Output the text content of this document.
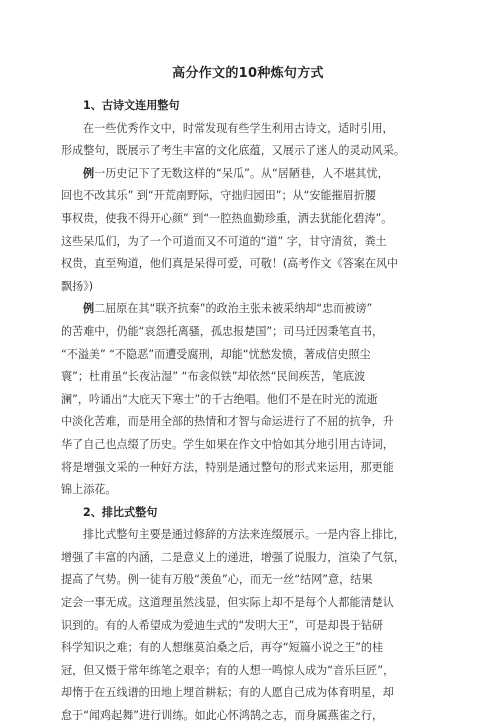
高分作文的10种炼句方式
1、古诗文连用整句
在一些优秀作文中，时常发现有些学生利用古诗文，适时引用，
形成整句，既展示了考生丰富的文化底蕴，又展示了迷人的灵动风采。
例一历史记下了无数这样的“呆瓜”。从“居陋巷，人不堪其忧，
回也不改其乐” 到“开荒南野际，守拙归园田”；从“安能摧眉折腰
事权贵，使我不得开心颜” 到“一腔热血勤珍重，洒去犹能化碧涛”。
这些呆瓜们，为了一个可道而又不可道的“道” 字，甘守清贫，粪土
权贵，直至殉道，他们真是呆得可爱，可敬！(高考作文《答案在风中
飘扬》)
例二屈原在其“联齐抗秦”的政治主张未被采纳却“忠而被谤”
的苦难中，仍能“哀怨托离骚，孤忠报楚国”；司马迁因秉笔直书，
“不溢美” “不隐恶”而遭受腐刑，却能“忧愁发愤，著成信史照尘
寰”；杜甫虽“长夜沾湿” “布衾似铁”却依然“民间疾苦，笔底波
澜”，吟诵出“大庇天下寒士”的千古绝唱。他们不是在时光的流逝
中淡化苦难，而是用全部的热情和才智与命运进行了不屈的抗争，升
华了自己也点缀了历史。学生如果在作文中恰如其分地引用古诗词，
将是增强文采的一种好方法，特别是通过整句的形式来运用，那更能
锦上添花。
2、排比式整句
排比式整句主要是通过修辞的方法来连缀展示。一是内容上排比，
增强了丰富的内涵，二是意义上的递进，增强了说服力，渲染了气氛，
提高了气势。例一徒有万般“羡鱼”心，而无一丝“结网”意，结果
定会一事无成。这道理虽然浅显，但实际上却不是每个人都能清楚认
识到的。有的人希望成为爱迪生式的“发明大王”，可是却畏于钻研
科学知识之难；有的人想继莫泊桑之后，再夺“短篇小说之王”的桂
冠，但又慑于常年练笔之艰辛；有的人想一鸣惊人成为“音乐巨匠”，
却惰于在五线谱的田地上埋首耕耘；有的人愿自己成为体育明星，却
怠于“闻鸡起舞”进行训练。如此心怀鸿鹄之志，而身属燕雀之行，
